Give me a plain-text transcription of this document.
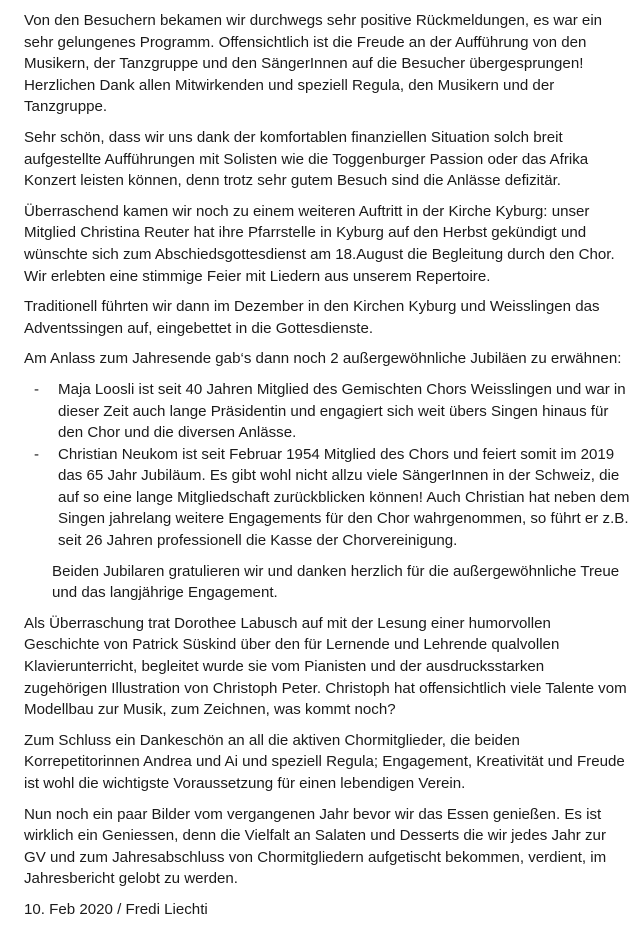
Von den Besuchern bekamen wir durchwegs sehr positive Rückmeldungen, es war ein sehr gelungenes Programm. Offensichtlich ist die Freude an der Aufführung von den Musikern, der Tanzgruppe und den SängerInnen auf die Besucher übergesprungen! Herzlichen Dank allen Mitwirkenden und speziell Regula, den Musikern und der Tanzgruppe.

Sehr schön, dass wir uns dank der komfortablen finanziellen Situation solch breit aufgestellte Aufführungen mit Solisten wie die Toggenburger Passion oder das Afrika Konzert leisten können, denn trotz sehr gutem Besuch sind die Anlässe defizitär.

Überraschend kamen wir noch zu einem weiteren Auftritt in der Kirche Kyburg: unser Mitglied Christina Reuter hat ihre Pfarrstelle in Kyburg auf den Herbst gekündigt und wünschte sich zum Abschiedsgottesdienst am 18.August die Begleitung durch den Chor. Wir erlebten eine stimmige Feier mit Liedern aus unserem Repertoire.

Traditionell führten wir dann im Dezember in den Kirchen Kyburg und Weisslingen das Adventssingen auf, eingebettet in die Gottesdienste.

Am Anlass zum Jahresende gab‘s dann noch 2 außergewöhnliche Jubiläen zu erwähnen:

- Maja Loosli ist seit 40 Jahren Mitglied des Gemischten Chors Weisslingen und war in dieser Zeit auch lange Präsidentin und engagiert sich weit übers Singen hinaus für den Chor und die diversen Anlässe.
- Christian Neukom ist seit Februar 1954 Mitglied des Chors und feiert somit im 2019 das 65 Jahr Jubiläum. Es gibt wohl nicht allzu viele SängerInnen in der Schweiz, die auf so eine lange Mitgliedschaft zurückblicken können! Auch Christian hat neben dem Singen jahrelang weitere Engagements für den Chor wahrgenommen, so führt er z.B. seit 26 Jahren professionell die Kasse der Chorvereinigung.

Beiden Jubilaren gratulieren wir und danken herzlich für die außergewöhnliche Treue und das langjährige Engagement.

Als Überraschung trat Dorothee Labusch auf mit der Lesung einer humorvollen Geschichte von Patrick Süskind über den für Lernende und Lehrende qualvollen Klavierunterricht, begleitet wurde sie vom Pianisten und der ausdrucksstarken zugehörigen Illustration von Christoph Peter. Christoph hat offensichtlich viele Talente vom Modellbau zur Musik, zum Zeichnen, was kommt noch?

Zum Schluss ein Dankeschön an all die aktiven Chormitglieder, die beiden Korrepetitorinnen Andrea und Ai und speziell Regula; Engagement, Kreativität und Freude ist wohl die wichtigste Voraussetzung für einen lebendigen Verein.

Nun noch ein paar Bilder vom vergangenen Jahr bevor wir das Essen genießen. Es ist wirklich ein Geniessen, denn die Vielfalt an Salaten und Desserts die wir jedes Jahr zur GV und zum Jahresabschluss von Chormitgliedern aufgetischt bekommen, verdient, im Jahresbericht gelobt zu werden.

10. Feb 2020 / Fredi Liechti
